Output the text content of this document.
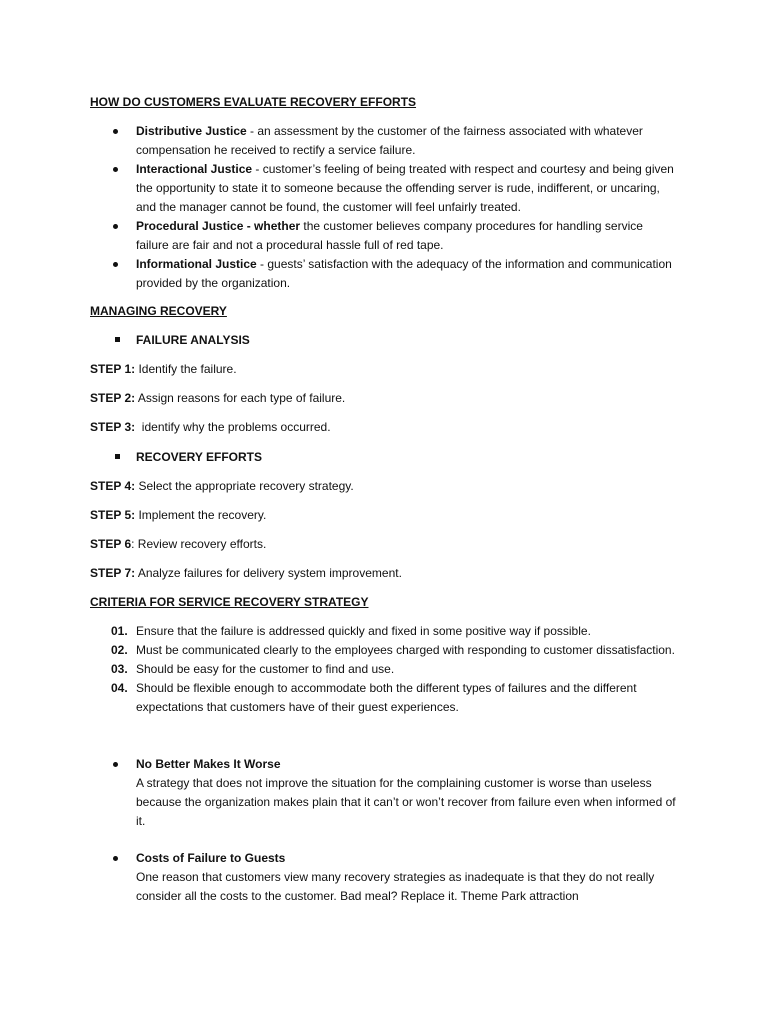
HOW DO CUSTOMERS EVALUATE RECOVERY EFFORTS
Distributive Justice - an assessment by the customer of the fairness associated with whatever compensation he received to rectify a service failure.
Interactional Justice - customer’s feeling of being treated with respect and courtesy and being given the opportunity to state it to someone because the offending server is rude, indifferent, or uncaring, and the manager cannot be found, the customer will feel unfairly treated.
Procedural Justice - whether the customer believes company procedures for handling service failure are fair and not a procedural hassle full of red tape.
Informational Justice - guests’ satisfaction with the adequacy of the information and communication provided by the organization.
MANAGING RECOVERY
FAILURE ANALYSIS

STEP 1: Identify the failure.

STEP 2: Assign reasons for each type of failure.

STEP 3:  identify why the problems occurred.

RECOVERY EFFORTS

STEP 4: Select the appropriate recovery strategy.

STEP 5: Implement the recovery.

STEP 6: Review recovery efforts.

STEP 7: Analyze failures for delivery system improvement.

CRITERIA FOR SERVICE RECOVERY STRATEGY
01. Ensure that the failure is addressed quickly and fixed in some positive way if possible.
02. Must be communicated clearly to the employees charged with responding to customer dissatisfaction.
03. Should be easy for the customer to find and use.
04. Should be flexible enough to accommodate both the different types of failures and the different expectations that customers have of their guest experiences.
No Better Makes It Worse
A strategy that does not improve the situation for the complaining customer is worse than useless because the organization makes plain that it can’t or won’t recover from failure even when informed of it.
Costs of Failure to Guests
One reason that customers view many recovery strategies as inadequate is that they do not really consider all the costs to the customer. Bad meal? Replace it. Theme Park attraction
